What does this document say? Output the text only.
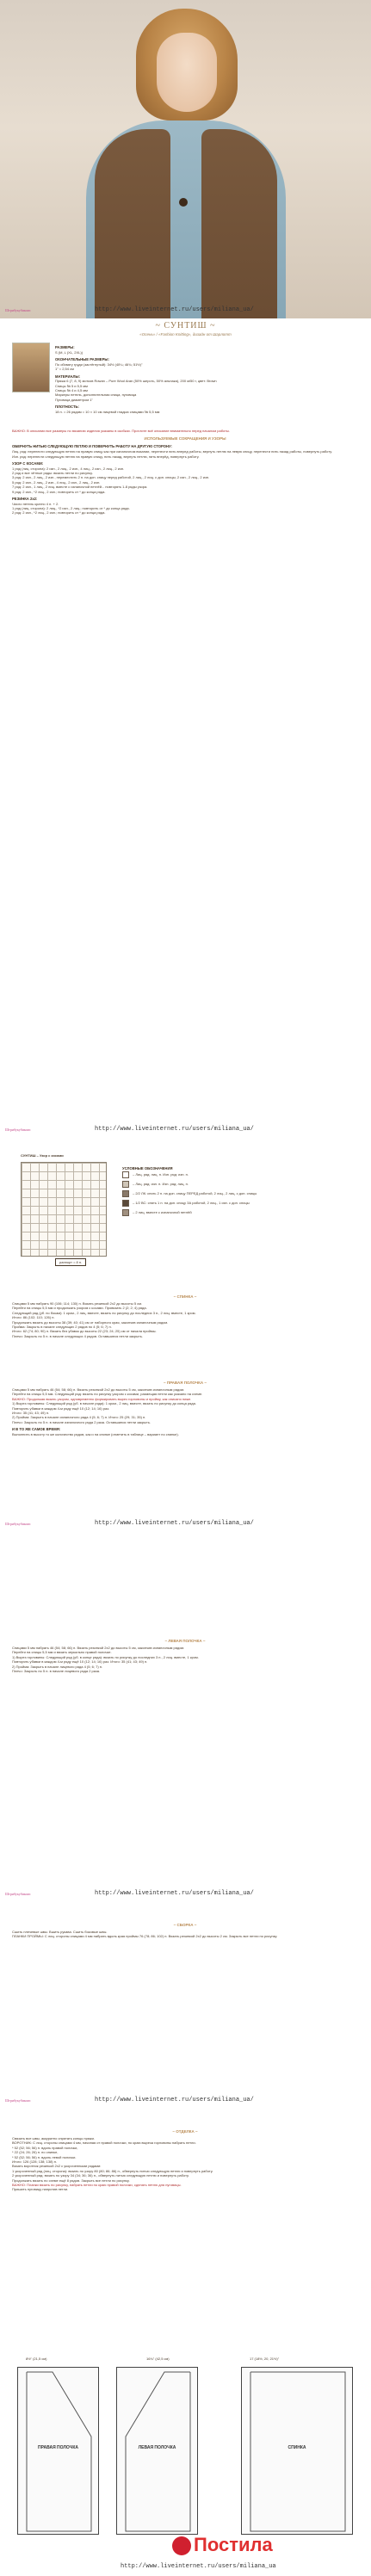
Штрибукубикомс	http://www.liveinternet.ru/users/miliana_ua/
~ СУНТИШ ~
«Осень» / «Fashion Knitting», дизайн от Шарлотт
РАЗМЕРЫ:
S (M, L (XL, 2XL))
ОКОНЧАТЕЛЬНЫЕ РАЗМЕРЫ:
По обхвату груди (застёгнутый): 34½ (40¼; 46¾; 51½)"
1" = 2,54 см
МАТЕРИАЛЫ:
Пряжа 6 (7, 8, 9) мотков Rowan – Pure Wool Aran (50% шерсть, 50% альпака), 200 м/50 г, цвет: Brown
Спицы № 5 и 5,5 мм
Спицы № 4 и 4,5 мм
Маркеры петель, дополнительная спица, пуговица
Пуговица диаметром 1"
ПЛОТНОСТЬ:
18 п. = 26 рядам = 10 × 10 см лицевой гладью спицами № 5,5 мм
ВАЖНО: В описании все размеры по вязанию изделия указаны в скобках. Прочтите всё описание внимательно перед началом работы.
ИСПОЛЬЗУЕМЫЕ СОКРАЩЕНИЯ И УЗОРЫ
ОБЕРНУТЬ НИТЬЮ СЛЕДУЮЩУЮ ПЕТЛЮ И ПОВЕРНУТЬ РАБОТУ НА ДРУГУЮ СТОРОНУ:
Лиц. ряд: перенести следующую петлю на правую спицу как при изнаночном вязании, перенести нить вперед работы, вернуть петлю на левую спицу, перенести нить назад работы, повернуть работу.
Изн. ряд: перенести следующую петлю на правую спицу, нить назад, вернуть петлю, нить вперёд, повернуть работу.
УЗОР С КОСАМИ:
1 ряд (лиц. сторона): 2 изн., 2 лиц., 2 изн., 4 лиц., 2 изн., 2 лиц., 2 изн.
2 ряд и все чётные ряды: вязать петли по рисунку.
3 ряд: 2 изн., 2 лиц., 2 изн., переместить 2 п. на доп. спицу перед работой, 2 лиц., 2 лиц. с доп. спицы, 2 изн., 2 лиц., 2 изн.
5 ряд: 2 изн., 2 лиц., 2 изн., 4 лиц., 2 изн., 2 лиц., 2 изн.
7 ряд: 2 изн., 1 лиц., 2 лиц. вместе с изнаночной петлёй... повторять 1-8 ряды узора.
9 ряд: 2 изн., *2 лиц., 2 изн.; повторить от * до конца ряда.
РЕЗИНКА 2х2:
Число петель кратно 4 п. + 2.
1 ряд (лиц. сторона): 2 лиц., *2 изн., 2 лиц.; повторить от * до конца ряда.
2 ряд: 2 изн., *2 лиц., 2 изн.; повторить от * до конца ряда.
Штрибукубикомс	http://www.liveinternet.ru/users/miliana_ua/
СУНТИШ – Узор с косами
УСЛОВНЫЕ ОБОЗНАЧЕНИЯ
– Лиц. ряд: лиц. п. Изн. ряд: изн. п.
– Лиц. ряд: изн. п. Изн. ряд: лиц. п.
– 2/2 ЛК: снять 2 п. на доп. спицу ПЕРЕД работой, 2 лиц., 2 лиц. с доп. спицы
– 1/2 ВС: снять 1 п. на доп. спицу ЗА работой, 2 лиц., 1 изн. с доп. спицы
– 2 лиц. вместе с изнаночной петлёй
раппорт = 8 п.
~ СПИНКА ~
Спицами 5 мм набрать 90 (106; 114; 130) п. Вязать резинкой 2х2 до высоты 5 см.
Перейти на спицы 5,5 мм и продолжать узором с косами. Провязать 2 (2; 2; 4) ряда.
Следующий ряд (уб. по бокам): 1 кром., 2 лиц. вместе, вязать по рисунку до последних 3 п., 2 лиц. вместе, 1 кром.
Итого: 86 (102; 110; 126) п.
Продолжать вязать до высоты 38 (39; 40; 41) см от наборного края, закончив изнаночным рядом.
Пройма: Закрыть в начале следующих 2 рядов по 4 (5; 6; 7) п.
Итого: 62 (74; 80; 90) п. Вязать без убавок до высоты 22 (23; 24; 25) см от начала проймы.
Плечи: Закрыть по 5 п. в начале следующих 4 рядов. Оставшиеся петли закрыть.
~ ПРАВАЯ ПОЛОЧКА ~
Спицами 5 мм набрать 46 (54; 58; 66) п. Вязать резинкой 2х2 до высоты 5 см, закончив изнаночным рядом.
Перейти на спицы 5,5 мм. Следующий ряд: вязать по рисунку узором с косами, размещая петли как указано на схеме.
ВАЖНО: Продолжая вязать узором, одновременно формировать вырез горловины и пройму, как описано ниже.
1) Вырез горловины: Следующий ряд (уб. в начале ряда): 1 кром., 2 лиц. вместе, вязать по рисунку до конца ряда.
Повторять убавки в каждом 4-м ряду ещё 10 (12; 14; 16) раз.
Итого: 35 (41; 43; 49) п.
2) Пройма: Закрыть в начале изнаночного ряда 4 (5; 6; 7) п. Итого: 25 (29; 31; 35) п.
Плечо: Закрыть по 5 п. в начале изнаночного ряда 2 раза. Оставшиеся петли закрыть.
И В ТО ЖЕ САМОЕ ВРЕМЯ:
Выполнить в высоту то же количество рядов, как и на спинке (отметить в таблице – вариант по спинке).
Штрибукубикомс	http://www.liveinternet.ru/users/miliana_ua/
~ ЛЕВАЯ ПОЛОЧКА ~
Спицами 5 мм набрать 46 (54; 58; 66) п. Вязать резинкой 2х2 до высоты 5 см, закончив изнаночным рядом.
Перейти на спицы 5,5 мм и вязать зеркально правой полочке.
1) Вырез горловины: Следующий ряд (уб. в конце ряда): вязать по рисунку до последних 3 п., 2 лиц. вместе, 1 кром.
Повторять убавки в каждом 4-м ряду ещё 10 (12; 14; 16) раз. Итого: 35 (41; 43; 49) п.
2) Пройма: Закрыть в начале лицевого ряда 4 (5; 6; 7) п.
Плечо: Закрыть по 5 п. в начале лицевого ряда 2 раза.
Штрибукубикомс	http://www.liveinternet.ru/users/miliana_ua/
~ СБОРКА ~
Сшить плечевые швы. Вшить рукава. Сшить боковые швы.
ПЛАНКИ ПРОЙМЫ: С лиц. стороны спицами 4 мм набрать вдоль края проймы 76 (78; 86; 102) п. Вязать резинкой 2х2 до высоты 2 см. Закрыть все петли по рисунку.
Штрибукубикомс	http://www.liveinternet.ru/users/miliana_ua/
~ ОТДЕЛКА ~
Связать все швы, аккуратно спрятать концы пряжи.
ВОРОТНИК: С лиц. стороны спицами 4 мм, начиная от правой полочки, по краю выреза горловины набрать петли.
* 52 (52; 56; 56) п. вдоль правой полочки,
* 22 (24; 26; 26) п. по спинке,
* 52 (52; 56; 56) п. вдоль левой полочки.
Итого: 126 (128; 138; 138) п.
Вязать воротник резинкой 2х2 с укороченными рядами:
1 укороченный ряд (лиц. сторона): вязать по узору 80 (80; 86; 86) п., обвернуть нитью следующую петлю и повернуть работу.
2 укороченный ряд: вязать по узору 34 (34; 36; 36) п., обвернуть нитью следующую петлю и повернуть работу.
Продолжать вязать по схеме ещё 8 рядов. Закрыть все петли по рисунку.
ВАЖНО: Планки вязать по рисунку, набрать петли по краю правой полочки, сделать петлю для пуговицы.
Пришить пуговицу напротив петли.
8½" (21,5 см)	17 (18½, 20, 21½)"
16¾" (42,5 см)
ПРАВАЯ ПОЛОЧКА	ЛЕВАЯ ПОЛОЧКА	СПИНКА
Постила
http://www.liveinternet.ru/users/miliana_ua
